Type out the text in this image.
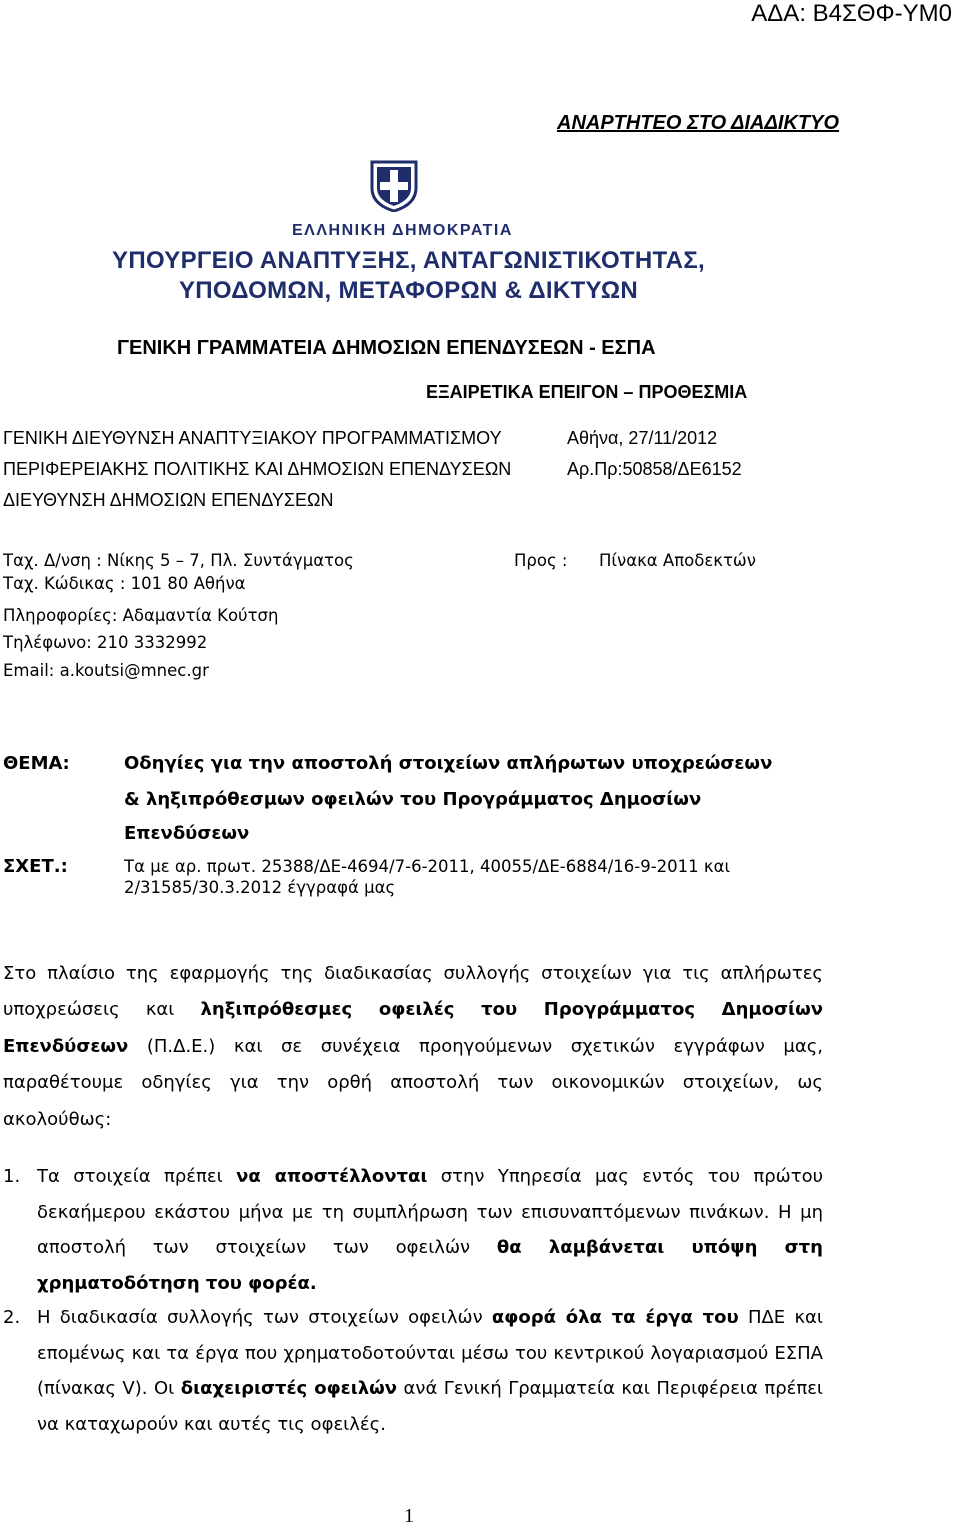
ΑΔΑ: Β4ΣΘΦ-ΥΜ0
ΑΝΑΡΤΗΤΕΟ ΣΤΟ ΔΙΑΔΙΚΤΥΟ
ΕΛΛΗΝΙΚΗ ΔΗΜΟΚΡΑΤΙΑ
ΥΠΟΥΡΓΕΙΟ ΑΝΑΠΤΥΞΗΣ, ΑΝΤΑΓΩΝΙΣΤΙΚΟΤΗΤΑΣ,
ΥΠΟΔΟΜΩΝ, ΜΕΤΑΦΟΡΩΝ & ΔΙΚΤΥΩΝ
ΓΕΝΙΚΗ ΓΡΑΜΜΑΤΕΙΑ ΔΗΜΟΣΙΩΝ ΕΠΕΝΔΥΣΕΩΝ - ΕΣΠΑ
ΕΞΑΙΡΕΤΙΚΑ ΕΠΕΙΓΟΝ – ΠΡΟΘΕΣΜΙΑ
ΓΕΝΙΚΗ ΔΙΕΥΘΥΝΣΗ ΑΝΑΠΤΥΞΙΑΚΟΥ ΠΡΟΓΡΑΜΜΑΤΙΣΜΟΥ
ΠΕΡΙΦΕΡΕΙΑΚΗΣ ΠΟΛΙΤΙΚΗΣ ΚΑΙ ΔΗΜΟΣΙΩΝ ΕΠΕΝΔΥΣΕΩΝ
ΔΙΕΥΘΥΝΣΗ ΔΗΜΟΣΙΩΝ ΕΠΕΝΔΥΣΕΩΝ
Αθήνα, 27/11/2012
Αρ.Πρ:50858/ΔΕ6152
Ταχ. Δ/νση : Νίκης 5 – 7, Πλ. Συντάγματος	Προς : Πίνακα Αποδεκτών
Ταχ. Κώδικας : 101 80 Αθήνα
Πληροφορίες: Αδαμαντία Κούτση
Τηλέφωνο: 210 3332992
Email: a.koutsi@mnec.gr
ΘΕΜΑ:	Οδηγίες για την αποστολή στοιχείων απλήρωτων υποχρεώσεων
& ληξιπρόθεσμων οφειλών του Προγράμματος Δημοσίων
Επενδύσεων
ΣΧΕΤ.:	Τα με αρ. πρωτ. 25388/ΔΕ-4694/7-6-2011, 40055/ΔΕ-6884/16-9-2011 και
2/31585/30.3.2012 έγγραφά μας
Στο πλαίσιο της εφαρμογής της διαδικασίας συλλογής στοιχείων για τις απλήρωτες υποχρεώσεις και ληξιπρόθεσμες οφειλές του Προγράμματος Δημοσίων Επενδύσεων (Π.Δ.Ε.) και σε συνέχεια προηγούμενων σχετικών εγγράφων μας, παραθέτουμε οδηγίες για την ορθή αποστολή των οικονομικών στοιχείων, ως ακολούθως:
1. Τα στοιχεία πρέπει να αποστέλλονται στην Υπηρεσία μας εντός του πρώτου δεκαήμερου εκάστου μήνα με τη συμπλήρωση των επισυναπτόμενων πινάκων. Η μη αποστολή των στοιχείων των οφειλών θα λαμβάνεται υπόψη στη χρηματοδότηση του φορέα.
2. Η διαδικασία συλλογής των στοιχείων οφειλών αφορά όλα τα έργα του ΠΔΕ και επομένως και τα έργα που χρηματοδοτούνται μέσω του κεντρικού λογαριασμού ΕΣΠΑ (πίνακας V). Οι διαχειριστές οφειλών ανά Γενική Γραμματεία και Περιφέρεια πρέπει να καταχωρούν και αυτές τις οφειλές.
1
